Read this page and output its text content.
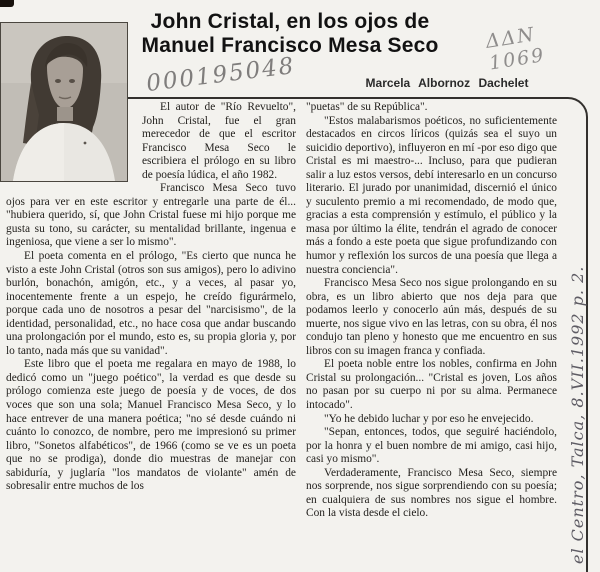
John Cristal, en los ojos de
Manuel Francisco Mesa Seco	ΔΔN 1069
000195048	Marcela Albornoz Dachelet

El autor de "Río Revuelto", John Cristal, fue el gran merecedor de que el escritor Francisco Mesa Seco le escribiera el prólogo en su libro de poesía lúdica, el año 1982.

Francisco Mesa Seco tuvo ojos para ver en este escritor y entregarle una parte de él... "hubiera querido, sí, que John Cristal fuese mi hijo porque me gusta su tono, su carácter, su mentalidad brillante, ingenua e ingeniosa, que viene a ser lo mismo".

El poeta comenta en el prólogo, "Es cierto que nunca he visto a este John Cristal (otros son sus amigos), pero lo adivino burlón, bonachón, amigón, etc., y a veces, al pasar yo, inocentemente frente a un espejo, he creído figurármelo, porque cada uno de nosotros a pesar del "narcisismo", de la identidad, personalidad, etc., no hace cosa que andar buscando una prolongación por el mundo, esto es, su propia gloria y, por lo tanto, nada más que su vanidad".

Este libro que el poeta me regalara en mayo de 1988, lo dedicó como un "juego poético", la verdad es que desde su prólogo comienza este juego de poesía y de voces, de dos voces que son una sola; Manuel Francisco Mesa Seco, y lo hace entrever de una manera poética; "no sé desde cuándo ni cuánto lo conozco, de nombre, pero me impresionó su primer libro, "Sonetos alfabéticos", de 1966 (como se ve es un poeta que no se prodiga), donde dio muestras de manejar con sabiduría, y juglaría "los mandatos de violante" amén de sobresalir entre muchos de los

"puetas" de su República".

"Estos malabarismos poéticos, no suficientemente destacados en circos líricos (quizás sea el suyo un suicidio deportivo), influyeron en mí -por eso digo que Cristal es mi maestro-... Incluso, para que pudieran salir a luz estos versos, debí interesarlo en un concurso literario. El jurado por unanimidad, discernió el único y suculento premio a mi recomendado, de modo que, gracias a esta comprensión y estímulo, el público y la masa por último la élite, tendrán el agrado de conocer más a fondo a este poeta que sigue profundizando con humor y reflexión los surcos de una poesía que llega a nuestra conciencia".

Francisco Mesa Seco nos sigue prolongando en su obra, es un libro abierto que nos deja para que podamos leerlo y conocerlo aún más, después de su muerte, nos sigue vivo en las letras, con su obra, él nos condujo tan pleno y honesto que me encuentro en sus libros con su imagen franca y confiada.

El poeta noble entre los nobles, confirma en John Cristal su prolongación... "Cristal es joven, Los años no pasan por su cuerpo ni por su alma. Permanece intocado".

"Yo he debido luchar y por eso he envejecido.

"Sepan, entonces, todos, que seguiré haciéndolo, por la honra y el buen nombre de mi amigo, casi hijo, casi yo mismo".

Verdaderamente, Francisco Mesa Seco, siempre nos sorprende, nos sigue sorprendiendo con su poesía; en cualquiera de sus nombres nos sigue el hombre. Con la vista desde el cielo.	el Centro, Talca, 8.VII.1992 p. 2.
